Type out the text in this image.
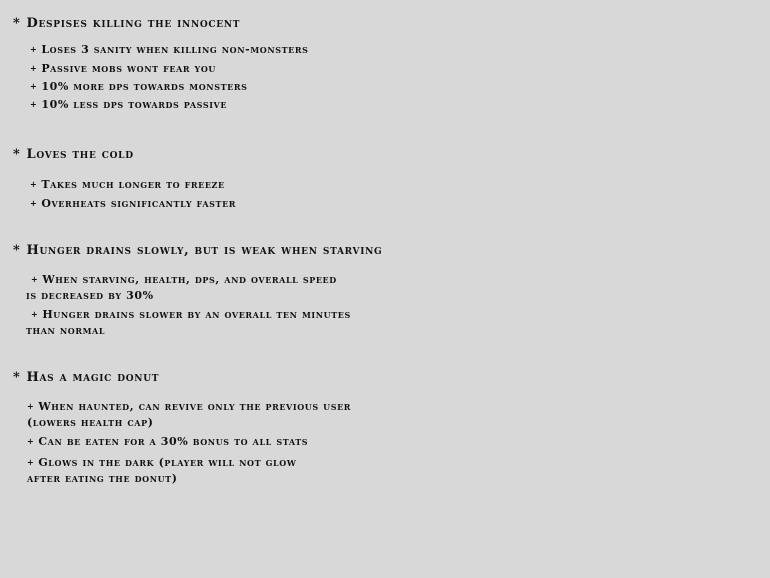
* Despises killing the innocent
+ Loses 3 sanity when killing non-monsters
+ Passive mobs wont fear you
+ 10% more dps towards monsters
+ 10% less dps towards passive
* Loves the cold
+ Takes much longer to freeze
+ Overheats significantly faster
* Hunger drains slowly, but is weak when starving
+ When starving, health, dps, and overall speed
is decreased by 30%
+ Hunger drains slower by an overall ten minutes
than normal
* Has a magic donut
+ When haunted, can revive only the previous user
(lowers health cap)
+ Can be eaten for a 30% bonus to all stats
+ Glows in the dark (player will not glow
after eating the donut)
